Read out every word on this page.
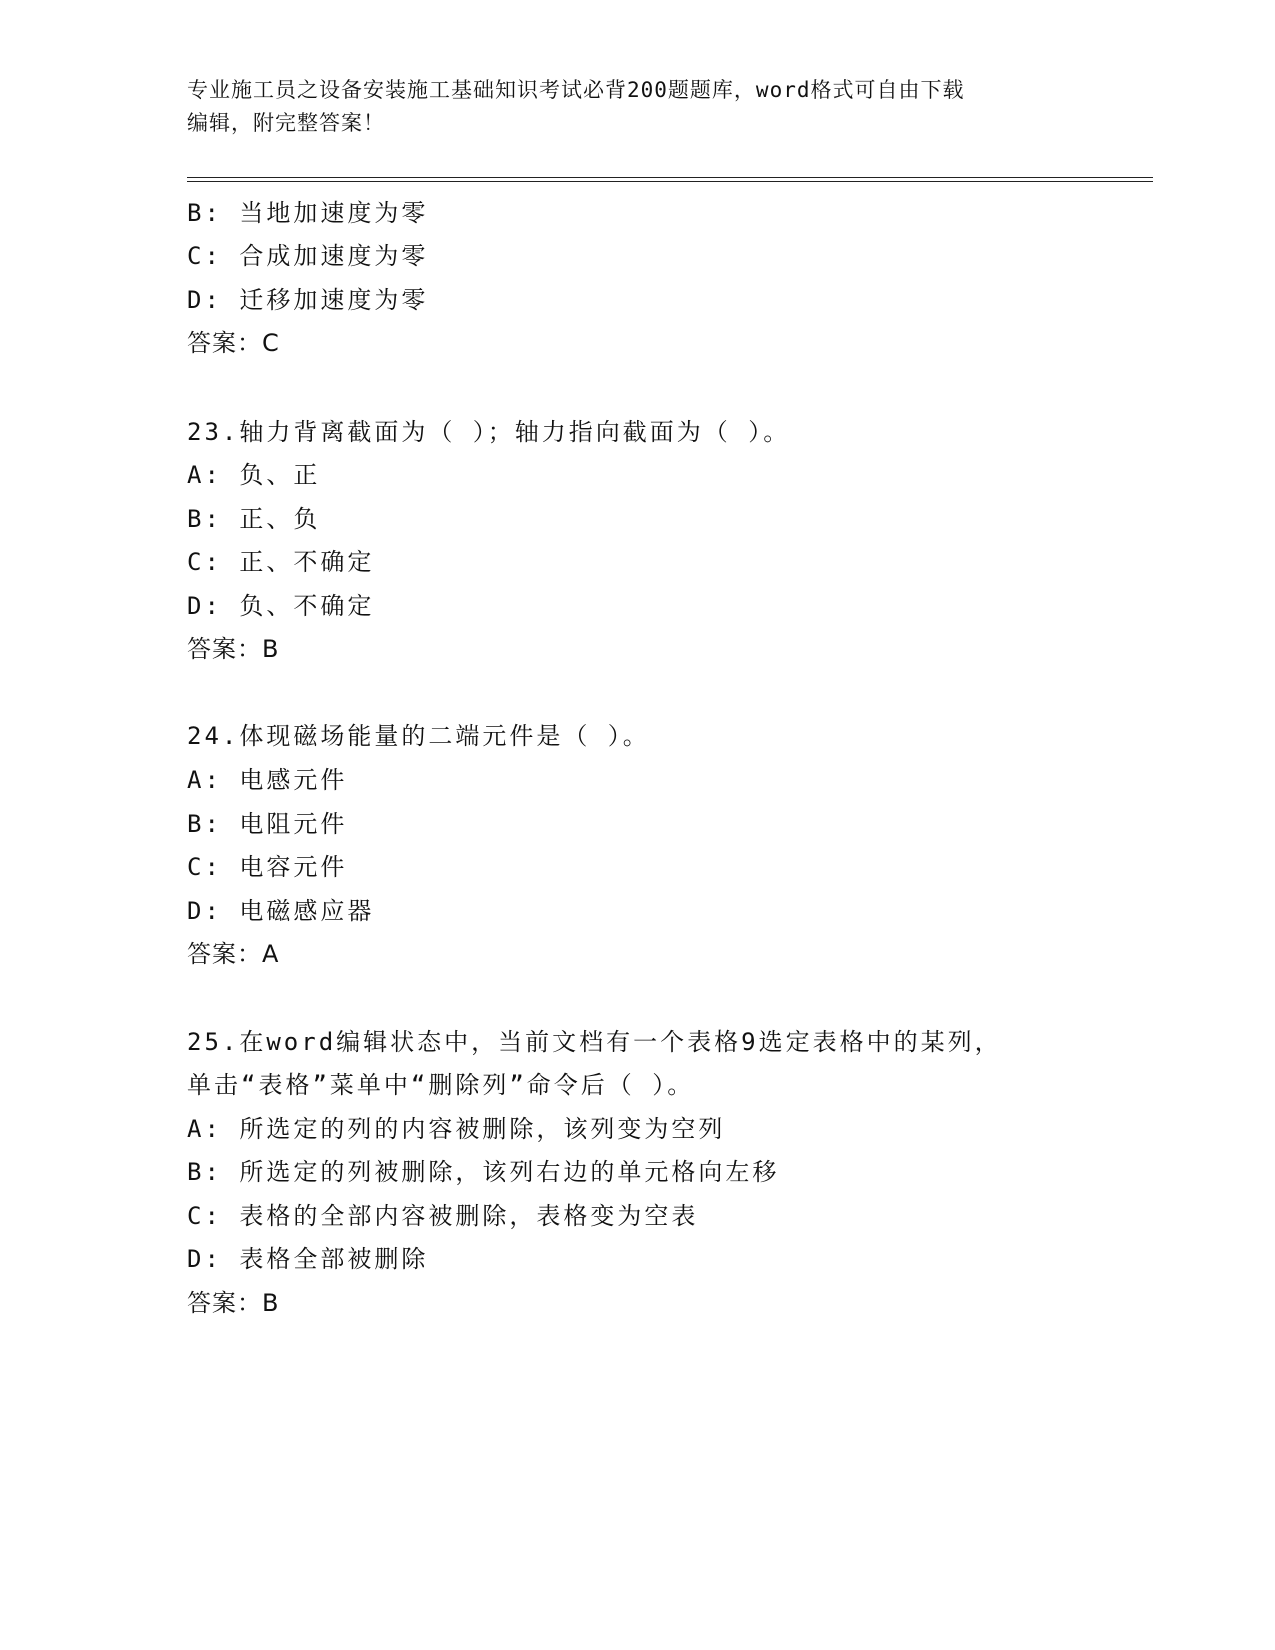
专业施工员之设备安装施工基础知识考试必背200题题库，word格式可自由下载
编辑，附完整答案！
B: 当地加速度为零
C: 合成加速度为零
D: 迁移加速度为零
答案：C
23.轴力背离截面为（ ）；轴力指向截面为（ ）。
A: 负、正
B: 正、负
C: 正、不确定
D: 负、不确定
答案：B
24.体现磁场能量的二端元件是（ ）。
A: 电感元件
B: 电阻元件
C: 电容元件
D: 电磁感应器
答案：A
25.在word编辑状态中，当前文档有一个表格9选定表格中的某列，
单击“表格”菜单中“删除列”命令后（ ）。
A: 所选定的列的内容被删除，该列变为空列
B: 所选定的列被删除，该列右边的单元格向左移
C: 表格的全部内容被删除，表格变为空表
D: 表格全部被删除
答案：B
